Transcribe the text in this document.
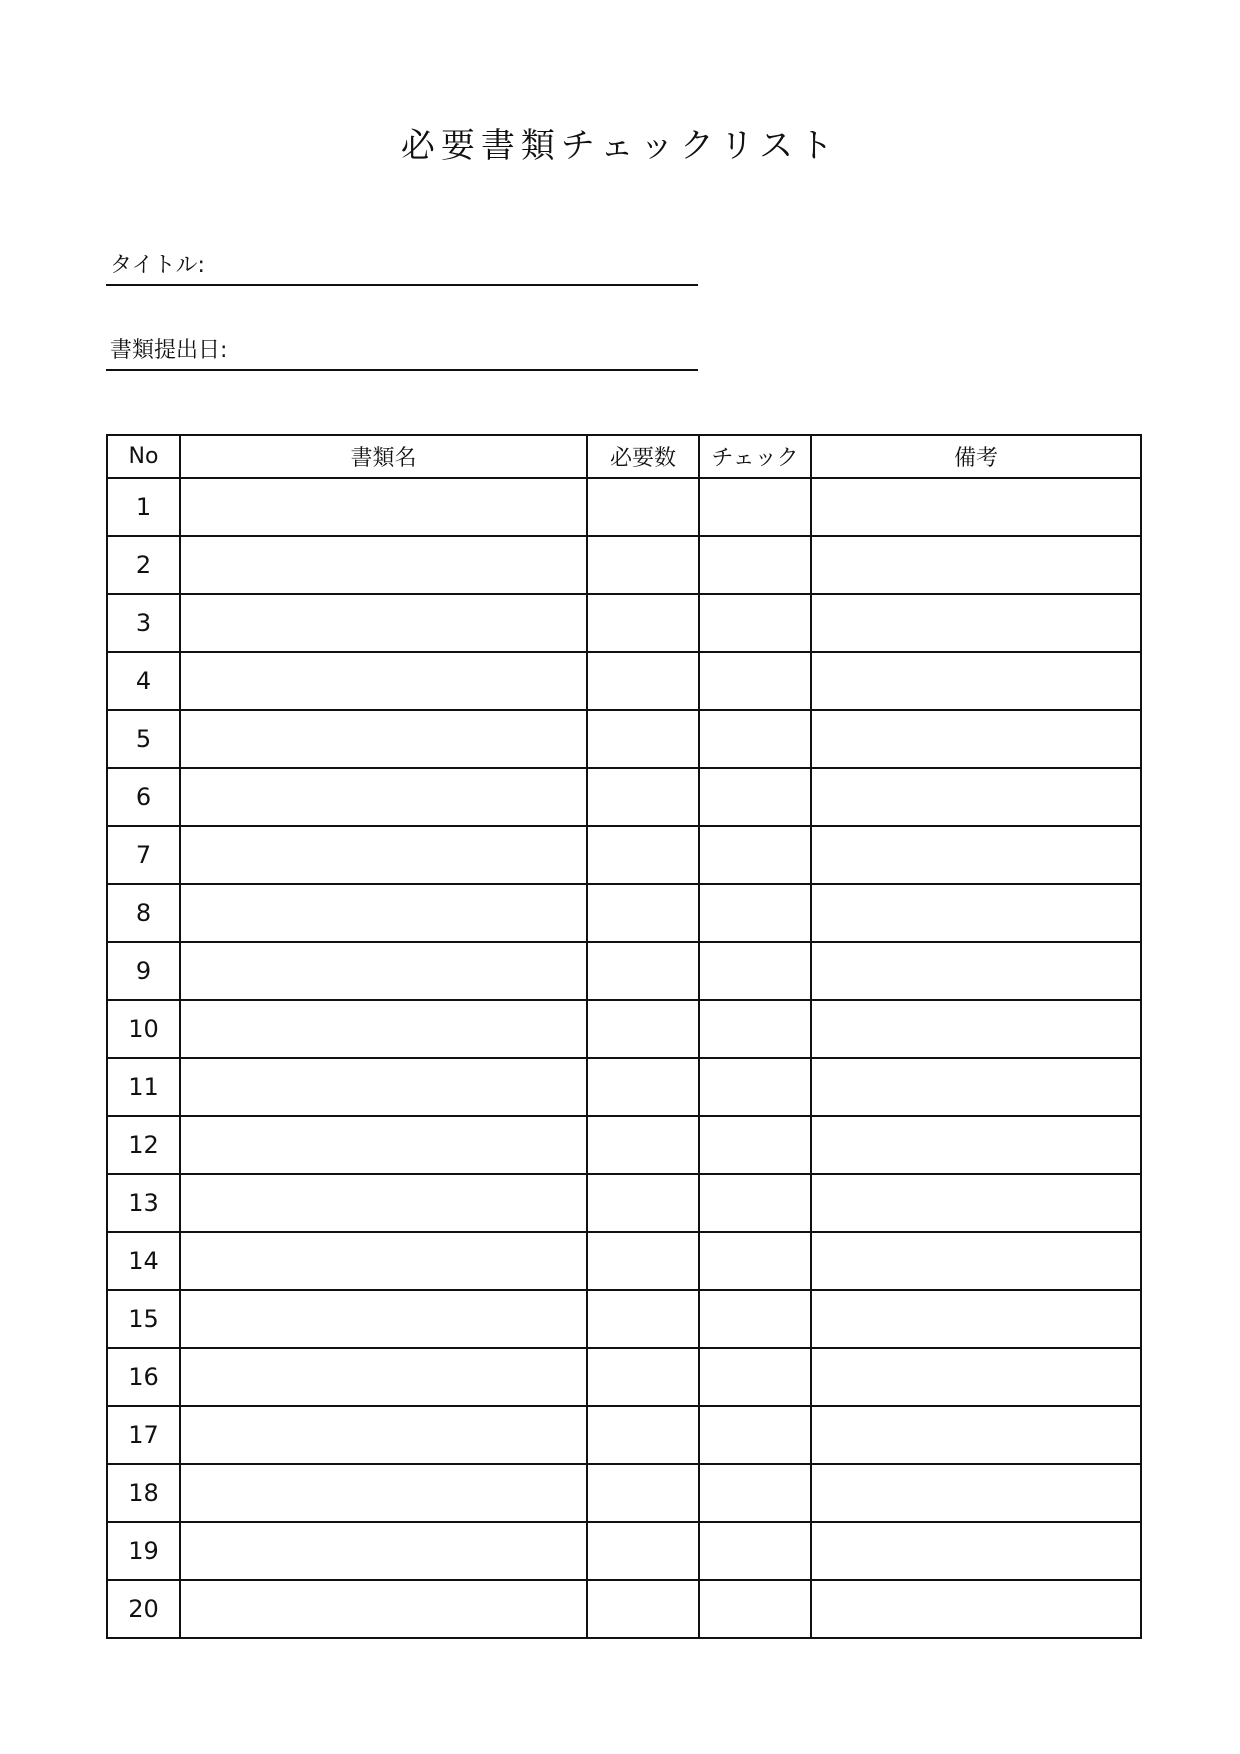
必要書類チェックリスト
タイトル:
書類提出日:
No	書類名	必要数	チェック	備考
1				
2				
3				
4				
5				
6				
7				
8				
9				
10				
11				
12				
13				
14				
15				
16				
17				
18				
19				
20				
